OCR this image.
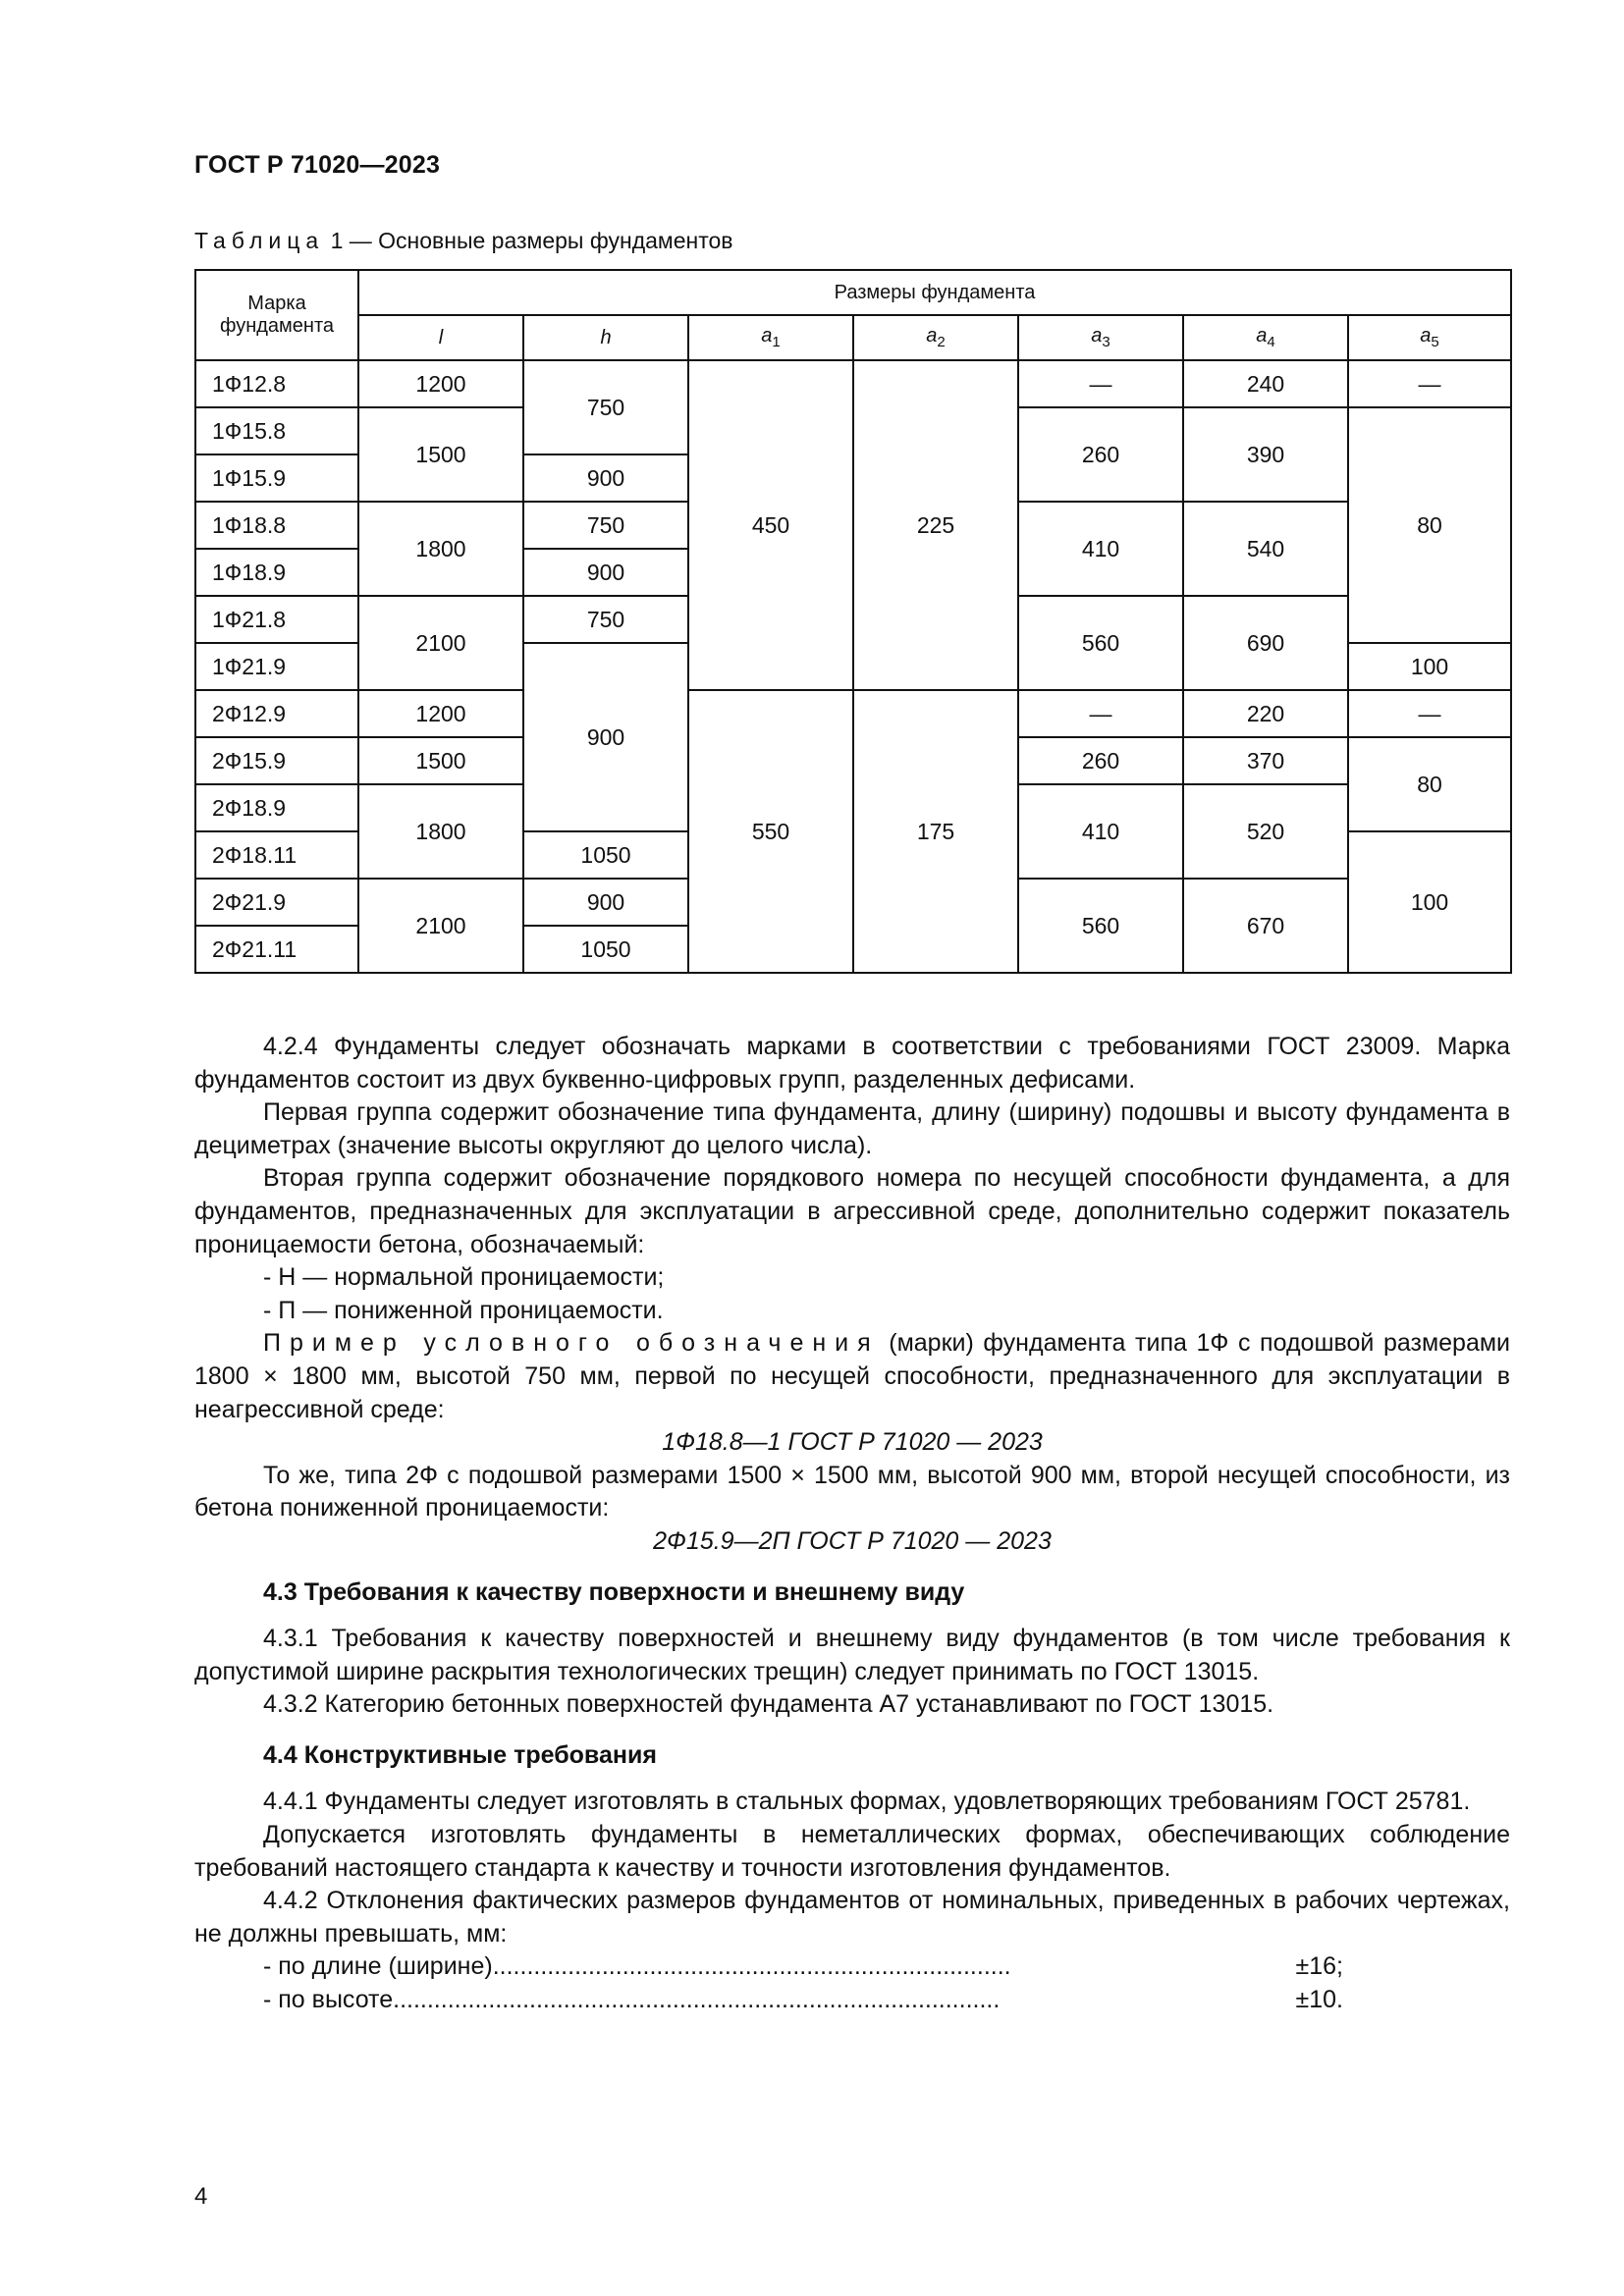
ГОСТ Р 71020—2023
Таблица 1 — Основные размеры фундаментов
Марка фундамента	Размеры фундамента						
	l	h	$a_1$	$a_2$	$a_3$	$a_4$	$a_5$
1Ф12.8	1200	750	450	225	—	240	—
1Ф15.8	1500				260	390	80
1Ф15.9		900					
1Ф18.8	1800	750			410	540	
1Ф18.9		900					
1Ф21.8	2100	750			560	690	
1Ф21.9		900					100
2Ф12.9	1200		550	175	—	220	—
2Ф15.9	1500				260	370	80
2Ф18.9	1800				410	520	
2Ф18.11		1050					100
2Ф21.9	2100	900			560	670	
2Ф21.11		1050					

4.2.4 Фундаменты следует обозначать марками в соответствии с требованиями ГОСТ 23009. Марка фундаментов состоит из двух буквенно-цифровых групп, разделенных дефисами.

Первая группа содержит обозначение типа фундамента, длину (ширину) подошвы и высоту фундамента в дециметрах (значение высоты округляют до целого числа).

Вторая группа содержит обозначение порядкового номера по несущей способности фундамента, а для фундаментов, предназначенных для эксплуатации в агрессивной среде, дополнительно содержит показатель проницаемости бетона, обозначаемый:

- Н — нормальной проницаемости;

- П — пониженной проницаемости.

Пример условного обозначения (марки) фундамента типа 1Ф с подошвой размерами 1800 × 1800 мм, высотой 750 мм, первой по несущей способности, предназначенного для эксплуатации в неагрессивной среде:

1Ф18.8—1 ГОСТ Р 71020 — 2023

То же, типа 2Ф с подошвой размерами 1500 × 1500 мм, высотой 900 мм, второй несущей способности, из бетона пониженной проницаемости:

2Ф15.9—2П ГОСТ Р 71020 — 2023

4.3 Требования к качеству поверхности и внешнему виду

4.3.1 Требования к качеству поверхностей и внешнему виду фундаментов (в том числе требования к допустимой ширине раскрытия технологических трещин) следует принимать по ГОСТ 13015.

4.3.2 Категорию бетонных поверхностей фундамента А7 устанавливают по ГОСТ 13015.

4.4 Конструктивные требования

4.4.1 Фундаменты следует изготовлять в стальных формах, удовлетворяющих требованиям ГОСТ 25781.

Допускается изготовлять фундаменты в неметаллических формах, обеспечивающих соблюдение требований настоящего стандарта к качеству и точности изготовления фундаментов.

4.4.2 Отклонения фактических размеров фундаментов от номинальных, приведенных в рабочих чертежах, не должны превышать, мм:

- по длине (ширине) ............................................................................	±16;
- по высоте .........................................................................................	±10.
4
